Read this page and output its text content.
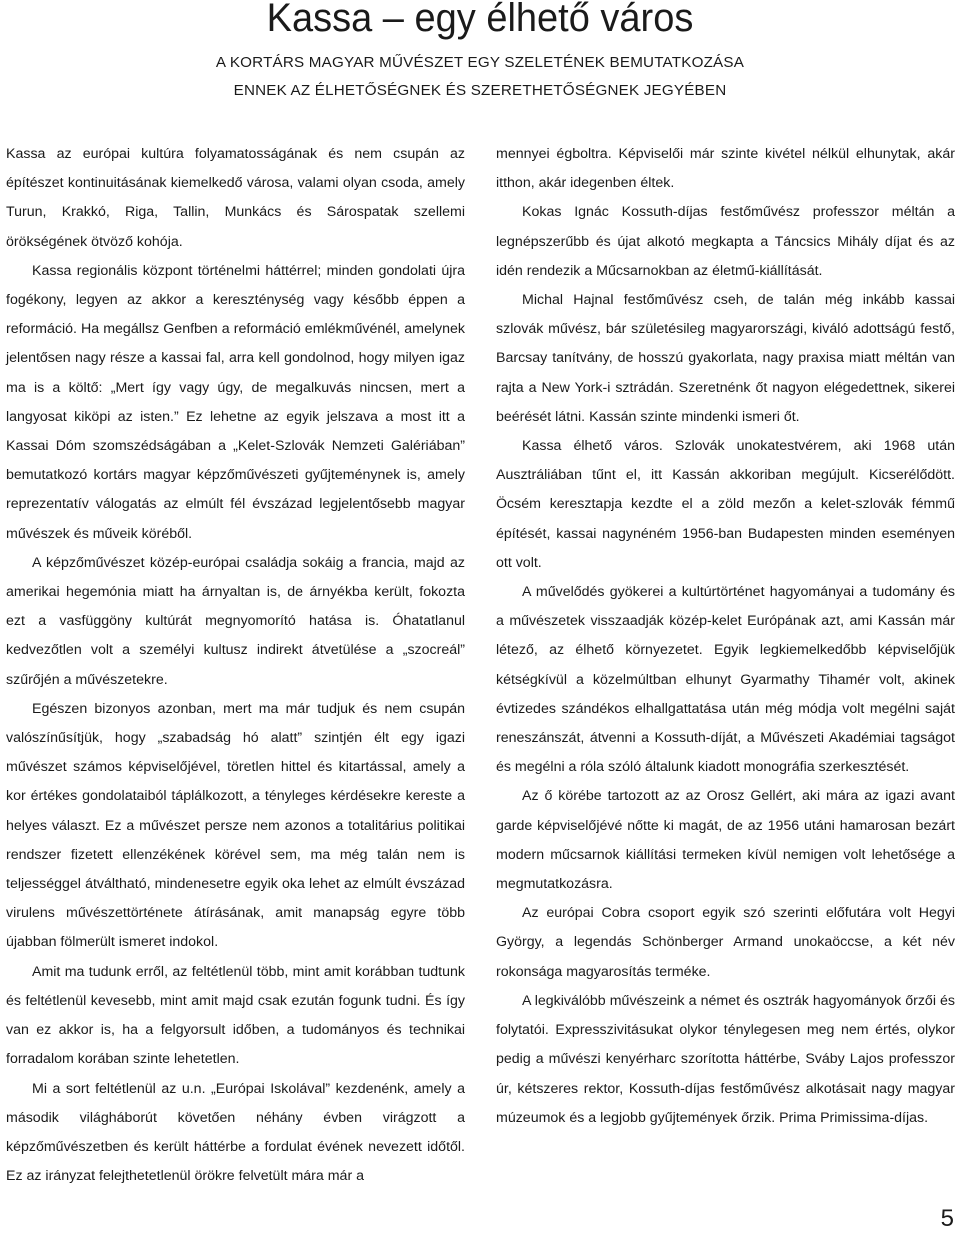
Kassa – egy élhető város
A KORTÁRS MAGYAR MŰVÉSZET EGY SZELETÉNEK BEMUTATKOZÁSA
ENNEK AZ ÉLHETŐSÉGNEK ÉS SZERETHETŐSÉGNEK JEGYÉBEN

Kassa az európai kultúra folyamatosságának és nem csupán az építészet kontinuitásának kiemelkedő városa, valami olyan csoda, amely Turun, Krakkó, Riga, Tallin, Munkács és Sárospatak szellemi örökségének ötvöző kohója.

Kassa regionális központ történelmi háttérrel; minden gondolati újra fogékony, legyen az akkor a kereszténység vagy később éppen a reformáció. Ha megállsz Genfben a reformáció emlékművénél, amelynek jelentősen nagy része a kassai fal, arra kell gondolnod, hogy milyen igaz ma is a költő: „Mert így vagy úgy, de megalkuvás nincsen, mert a langyosat kiköpi az isten.” Ez lehetne az egyik jelszava a most itt a Kassai Dóm szomszédságában a „Kelet-Szlovák Nemzeti Galériában” bemutatkozó kortárs magyar képzőművészeti gyűjteménynek is, amely reprezentatív válogatás az elmúlt fél évszázad legjelentősebb magyar művészek és műveik köréből.

A képzőművészet közép-európai családja sokáig a francia, majd az amerikai hegemónia miatt ha árnyaltan is, de árnyékba került, fokozta ezt a vasfüggöny kultúrát megnyomorító hatása is. Óhatatlanul kedvezőtlen volt a személyi kultusz indirekt átvetülése a „szocreál” szűrőjén a művészetekre.

Egészen bizonyos azonban, mert ma már tudjuk és nem csupán valószínűsítjük, hogy „szabadság hó alatt” szintjén élt egy igazi művészet számos képviselőjével, töretlen hittel és kitartással, amely a kor értékes gondolataiból táplálkozott, a tényleges kérdésekre kereste a helyes választ. Ez a művészet persze nem azonos a totalitárius politikai rendszer fizetett ellenzékének körével sem, ma még talán nem is teljességgel átváltható, mindenesetre egyik oka lehet az elmúlt évszázad virulens művészettörténete átírásának, amit manapság egyre több újabban fölmerült ismeret indokol.

Amit ma tudunk erről, az feltétlenül több, mint amit korábban tudtunk és feltétlenül kevesebb, mint amit majd csak ezután fogunk tudni. És így van ez akkor is, ha a felgyorsult időben, a tudományos és technikai forradalom korában szinte lehetetlen.

Mi a sort feltétlenül az u.n. „Európai Iskolával” kezdenénk, amely a második világháborút követően néhány évben virágzott a képzőművészetben és került háttérbe a fordulat évének nevezett időtől. Ez az irányzat felejthetetlenül örökre felvetült mára már a

mennyei égboltra. Képviselői már szinte kivétel nélkül elhunytak, akár itthon, akár idegenben éltek.

Kokas Ignác Kossuth-díjas festőművész professzor méltán a legnépszerűbb és újat alkotó megkapta a Táncsics Mihály díjat és az idén rendezik a Műcsarnokban az életmű-kiállítását.

Michal Hajnal festőművész cseh, de talán még inkább kassai szlovák művész, bár születésileg magyarországi, kiváló adottságú festő, Barcsay tanítvány, de hosszú gyakorlata, nagy praxisa miatt méltán van rajta a New York-i sztrádán. Szeretnénk őt nagyon elégedettnek, sikerei beérését látni. Kassán szinte mindenki ismeri őt.

Kassa élhető város. Szlovák unokatestvérem, aki 1968 után Ausztráliában tűnt el, itt Kassán akkoriban megújult. Kicserélődött. Öcsém keresztapja kezdte el a zöld mezőn a kelet-szlovák fémmű építését, kassai nagynéném 1956-ban Budapesten minden eseményen ott volt.

A művelődés gyökerei a kultúrtörténet hagyományai a tudomány és a művészetek visszaadják közép-kelet Európának azt, ami Kassán már létező, az élhető környezetet. Egyik legkiemelkedőbb képviselőjük kétségkívül a közelmúltban elhunyt Gyarmathy Tihamér volt, akinek évtizedes szándékos elhallgattatása után még módja volt megélni saját reneszánszát, átvenni a Kossuth-díját, a Művészeti Akadémiai tagságot és megélni a róla szóló általunk kiadott monográfia szerkesztését.

Az ő körébe tartozott az az Orosz Gellért, aki mára az igazi avant garde képviselőjévé nőtte ki magát, de az 1956 utáni hamarosan bezárt modern műcsarnok kiállítási termeken kívül nemigen volt lehetősége a megmutatkozásra.

Az európai Cobra csoport egyik szó szerinti előfutára volt Hegyi György, a legendás Schönberger Armand unokaöccse, a két név rokonsága magyarosítás terméke.

A legkiválóbb művészeink a német és osztrák hagyományok őrzői és folytatói. Expresszivitásukat olykor ténylegesen meg nem értés, olykor pedig a művészi kenyérharc szorította háttérbe, Sváby Lajos professzor úr, kétszeres rektor, Kossuth-díjas festőművész alkotásait nagy magyar múzeumok és a legjobb gyűjtemények őrzik. Prima Primissima-díjas.

5
